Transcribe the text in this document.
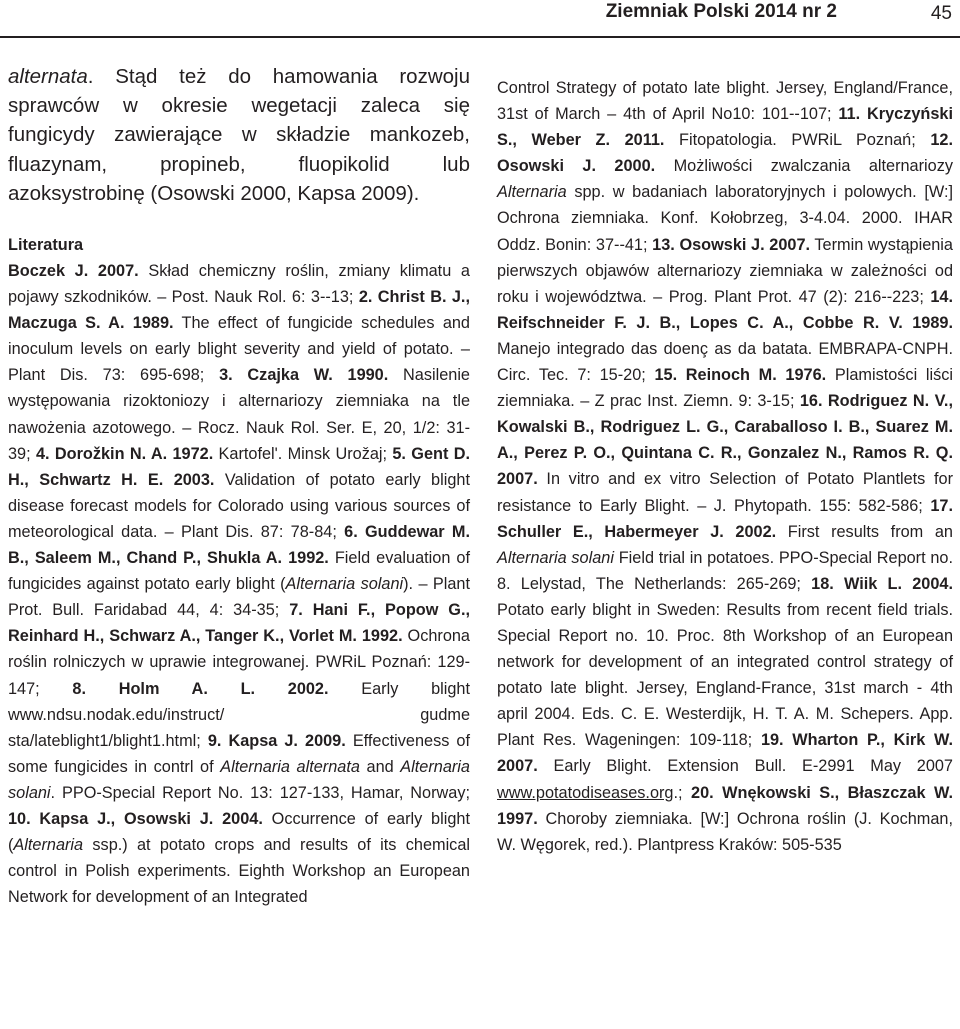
Ziemniak Polski 2014 nr 2	45

alternata. Stąd też do hamowania rozwoju sprawców w okresie wegetacji zaleca się fungicydy zawierające w składzie mankozeb, fluazynam, propineb, fluopikolid lub azoksystrobinę (Osowski 2000, Kapsa 2009).

Literatura

Boczek J. 2007. Skład chemiczny roślin, zmiany klimatu a pojawy szkodników. – Post. Nauk Rol. 6: 3--13; 2. Christ B. J., Maczuga S. A. 1989. The effect of fungicide schedules and inoculum levels on early blight severity and yield of potato. – Plant Dis. 73: 695-698; 3. Czajka W. 1990. Nasilenie występowania rizoktoniozy i alternariozy ziemniaka na tle nawożenia azotowego. – Rocz. Nauk Rol. Ser. E, 20, 1/2: 31-39; 4. Dorožkin N. A. 1972. Kartofel'. Minsk Urožaj; 5. Gent D. H., Schwartz H. E. 2003. Validation of potato early blight disease forecast models for Colorado using various sources of meteorological data. – Plant Dis. 87: 78-84; 6. Guddewar M. B., Saleem M., Chand P., Shukla A. 1992. Field evaluation of fungicides against potato early blight (Alternaria solani). – Plant Prot. Bull. Faridabad 44, 4: 34-35; 7. Hani F., Popow G., Reinhard H., Schwarz A., Tanger K., Vorlet M. 1992. Ochrona roślin rolniczych w uprawie integrowanej. PWRiL Poznań: 129-147; 8. Holm A. L. 2002. Early blight www.ndsu.nodak.edu/instruct/ gudme sta/lateblight1/blight1.html; 9. Kapsa J. 2009. Effectiveness of some fungicides in contrl of Alternaria alternata and Alternaria solani. PPO-Special Report No. 13: 127-133, Hamar, Norway; 10. Kapsa J., Osowski J. 2004. Occurrence of early blight (Alternaria ssp.) at potato crops and results of its chemical control in Polish experiments. Eighth Workshop an European Network for development of an Integrated

Control Strategy of potato late blight. Jersey, England/France, 31st of March – 4th of April No10: 101--107; 11. Kryczyński S., Weber Z. 2011. Fitopatologia. PWRiL Poznań; 12. Osowski J. 2000. Możliwości zwalczania alternariozy Alternaria spp. w badaniach laboratoryjnych i polowych. [W:] Ochrona ziemniaka. Konf. Kołobrzeg, 3-4.04. 2000. IHAR Oddz. Bonin: 37--41; 13. Osowski J. 2007. Termin wystąpienia pierwszych objawów alternariozy ziemniaka w zależności od roku i województwa. – Prog. Plant Prot. 47 (2): 216--223; 14. Reifschneider F. J. B., Lopes C. A., Cobbe R. V. 1989. Manejo integrado das doenç as da batata. EMBRAPA-CNPH. Circ. Tec. 7: 15-20; 15. Reinoch M. 1976. Plamistości liści ziemniaka. – Z prac Inst. Ziemn. 9: 3-15; 16. Rodriguez N. V., Kowalski B., Rodriguez L. G., Caraballoso I. B., Suarez M. A., Perez P. O., Quintana C. R., Gonzalez N., Ramos R. Q. 2007. In vitro and ex vitro Selection of Potato Plantlets for resistance to Early Blight. – J. Phytopath. 155: 582-586; 17. Schuller E., Habermeyer J. 2002. First results from an Alternaria solani Field trial in potatoes. PPO-Special Report no. 8. Lelystad, The Netherlands: 265-269; 18. Wiik L. 2004. Potato early blight in Sweden: Results from recent field trials. Special Report no. 10. Proc. 8th Workshop of an European network for development of an integrated control strategy of potato late blight. Jersey, England-France, 31st march - 4th april 2004. Eds. C. E. Westerdijk, H. T. A. M. Schepers. App. Plant Res. Wageningen: 109-118; 19. Wharton P., Kirk W. 2007. Early Blight. Extension Bull. E-2991 May 2007 www.potatodiseases.org.; 20. Wnękowski S., Błaszczak W. 1997. Choroby ziemniaka. [W:] Ochrona roślin (J. Kochman, W. Węgorek, red.). Plantpress Kraków: 505-535
